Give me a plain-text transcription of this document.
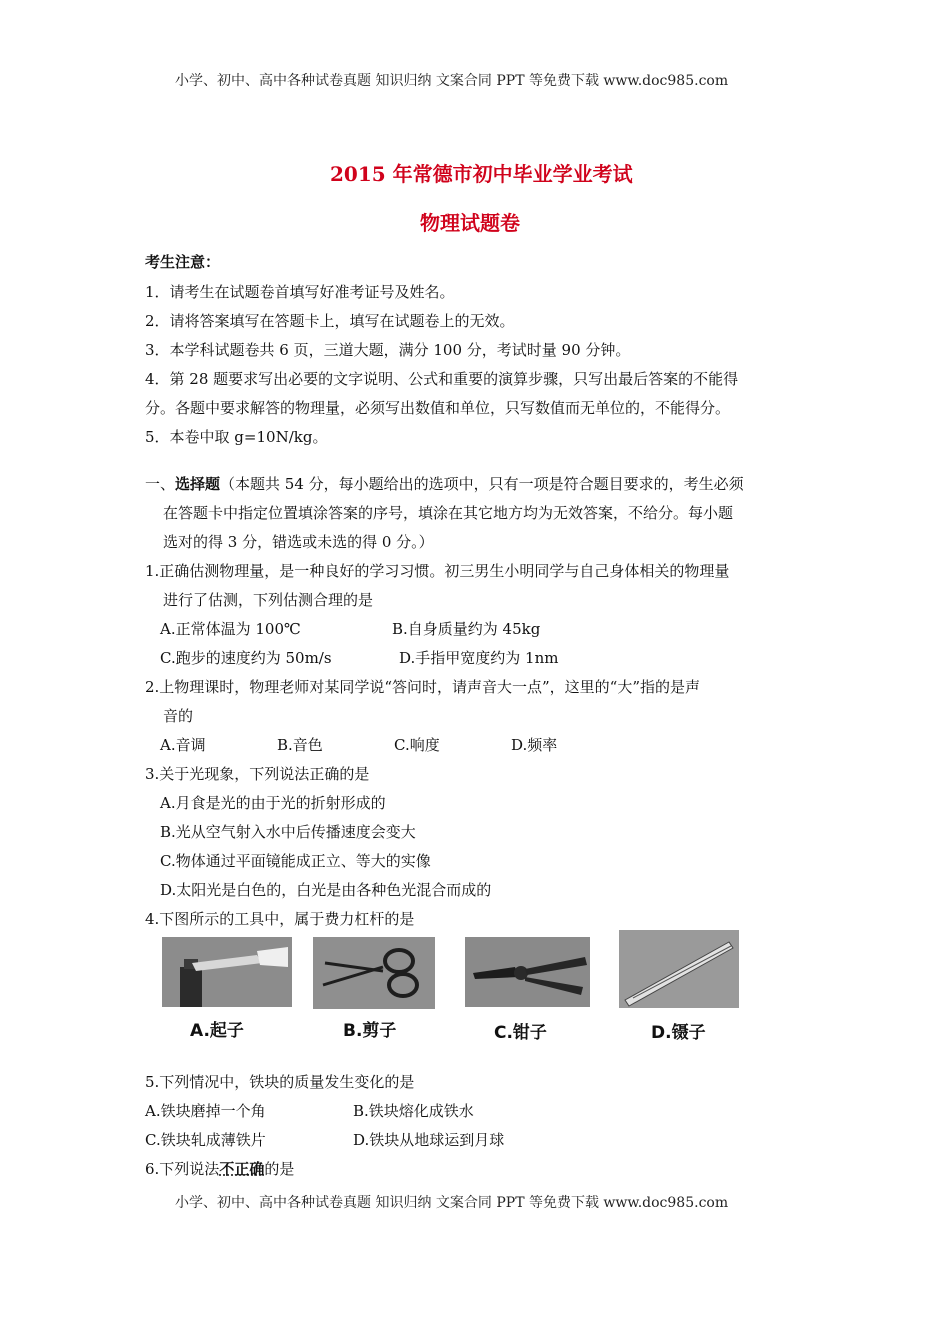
小学、初中、高中各种试卷真题 知识归纳 文案合同 PPT 等免费下载 www.doc985.com
2015 年常德市初中毕业学业考试
物理试题卷
考生注意：
1．请考生在试题卷首填写好准考证号及姓名。
2．请将答案填写在答题卡上，填写在试题卷上的无效。
3．本学科试题卷共 6 页，三道大题，满分 100 分，考试时量 90 分钟。
4．第 28 题要求写出必要的文字说明、公式和重要的演算步骤，只写出最后答案的不能得
分。各题中要求解答的物理量，必须写出数值和单位，只写数值而无单位的，不能得分。
5．本卷中取 g=10N/kg。
一、选择题（本题共 54 分，每小题给出的选项中，只有一项是符合题目要求的，考生必须
在答题卡中指定位置填涂答案的序号，填涂在其它地方均为无效答案，不给分。每小题
选对的得 3 分，错选或未选的得 0 分。）
1.正确估测物理量，是一种良好的学习习惯。初三男生小明同学与自己身体相关的物理量
进行了估测，下列估测合理的是
A.正常体温为 100℃	B.自身质量约为 45kg
C.跑步的速度约为 50m/s	D.手指甲宽度约为 1nm
2.上物理课时，物理老师对某同学说“答问时，请声音大一点”，这里的“大”指的是声
音的
A.音调	B.音色	C.响度	D.频率
3.关于光现象，下列说法正确的是
A.月食是光的由于光的折射形成的
B.光从空气射入水中后传播速度会变大
C.物体通过平面镜能成正立、等大的实像
D.太阳光是白色的，白光是由各种色光混合而成的
4.下图所示的工具中，属于费力杠杆的是
A.起子	B.剪子	C.钳子	D.镊子
5.下列情况中，铁块的质量发生变化的是
A.铁块磨掉一个角	B.铁块熔化成铁水
C.铁块轧成薄铁片	D.铁块从地球运到月球
6.下列说法不正确的是
小学、初中、高中各种试卷真题 知识归纳 文案合同 PPT 等免费下载 www.doc985.com
